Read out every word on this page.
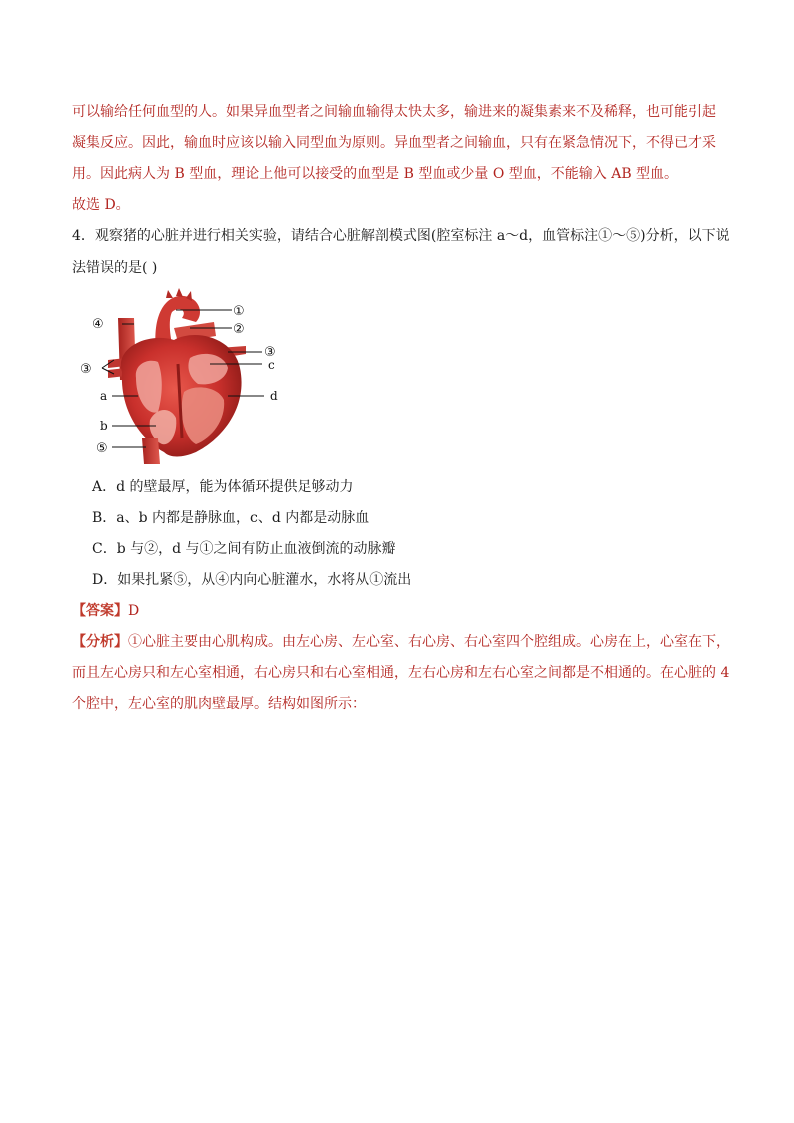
可以输给任何血型的人。如果异血型者之间输血输得太快太多，输进来的凝集素来不及稀释，也可能引起
凝集反应。因此，输血时应该以输入同型血为原则。异血型者之间输血，只有在紧急情况下，不得已才采
用。因此病人为 B 型血，理论上他可以接受的血型是 B 型血或少量 O 型血，不能输入 AB 型血。
故选 D。
4．观察猪的心脏并进行相关实验，请结合心脏解剖模式图(腔室标注 a～d，血管标注①～⑤)分析，以下说
法错误的是( )
①
②
④
③
c
③
a
b
d
⑤
A．d 的壁最厚，能为体循环提供足够动力
B．a、b 内都是静脉血，c、d 内都是动脉血
C．b 与②，d 与①之间有防止血液倒流的动脉瓣
D．如果扎紧⑤，从④内向心脏灌水，水将从①流出
【答案】D
【分析】①心脏主要由心肌构成。由左心房、左心室、右心房、右心室四个腔组成。心房在上，心室在下，
而且左心房只和左心室相通，右心房只和右心室相通，左右心房和左右心室之间都是不相通的。在心脏的 4
个腔中，左心室的肌肉壁最厚。结构如图所示：
